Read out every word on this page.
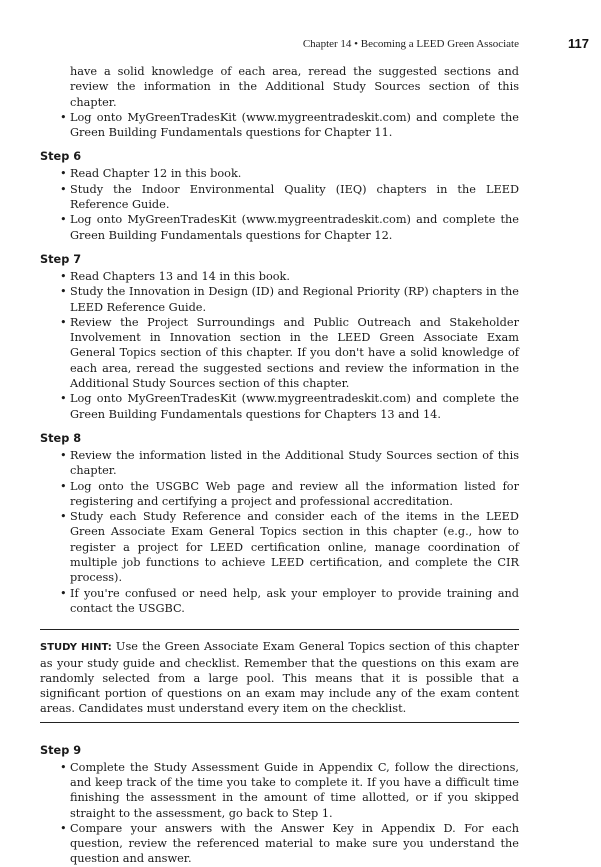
Chapter 14 • Becoming a LEED Green Associate	117

have a solid knowledge of each area, reread the suggested sections and review the information in the Additional Study Sources section of this chapter.

• Log onto MyGreenTradesKit (www.mygreentradeskit.com) and complete the Green Building Fundamentals questions for Chapter 11.
Step 6
• Read Chapter 12 in this book.
• Study the Indoor Environmental Quality (IEQ) chapters in the LEED Reference Guide.
• Log onto MyGreenTradesKit (www.mygreentradeskit.com) and complete the Green Building Fundamentals questions for Chapter 12.
Step 7
• Read Chapters 13 and 14 in this book.
• Study the Innovation in Design (ID) and Regional Priority (RP) chapters in the LEED Reference Guide.
• Review the Project Surroundings and Public Outreach and Stakeholder Involvement in Innovation section in the LEED Green Associate Exam General Topics section of this chapter. If you don't have a solid knowledge of each area, reread the suggested sections and review the information in the Additional Study Sources section of this chapter.
• Log onto MyGreenTradesKit (www.mygreentradeskit.com) and complete the Green Building Fundamentals questions for Chapters 13 and 14.
Step 8
• Review the information listed in the Additional Study Sources section of this chapter.
• Log onto the USGBC Web page and review all the information listed for registering and certifying a project and professional accreditation.
• Study each Study Reference and consider each of the items in the LEED Green Associate Exam General Topics section in this chapter (e.g., how to register a project for LEED certification online, manage coordination of multiple job functions to achieve LEED certification, and complete the CIR process).
• If you're confused or need help, ask your employer to provide training and contact the USGBC.
STUDY HINT: Use the Green Associate Exam General Topics section of this chapter as your study guide and checklist. Remember that the questions on this exam are randomly selected from a large pool. This means that it is possible that a significant portion of questions on an exam may include any of the exam content areas. Candidates must understand every item on the checklist.
Step 9
• Complete the Study Assessment Guide in Appendix C, follow the directions, and keep track of the time you take to complete it. If you have a difficult time finishing the assessment in the amount of time allotted, or if you skipped straight to the assessment, go back to Step 1.
• Compare your answers with the Answer Key in Appendix D. For each question, review the referenced material to make sure you understand the question and answer.
